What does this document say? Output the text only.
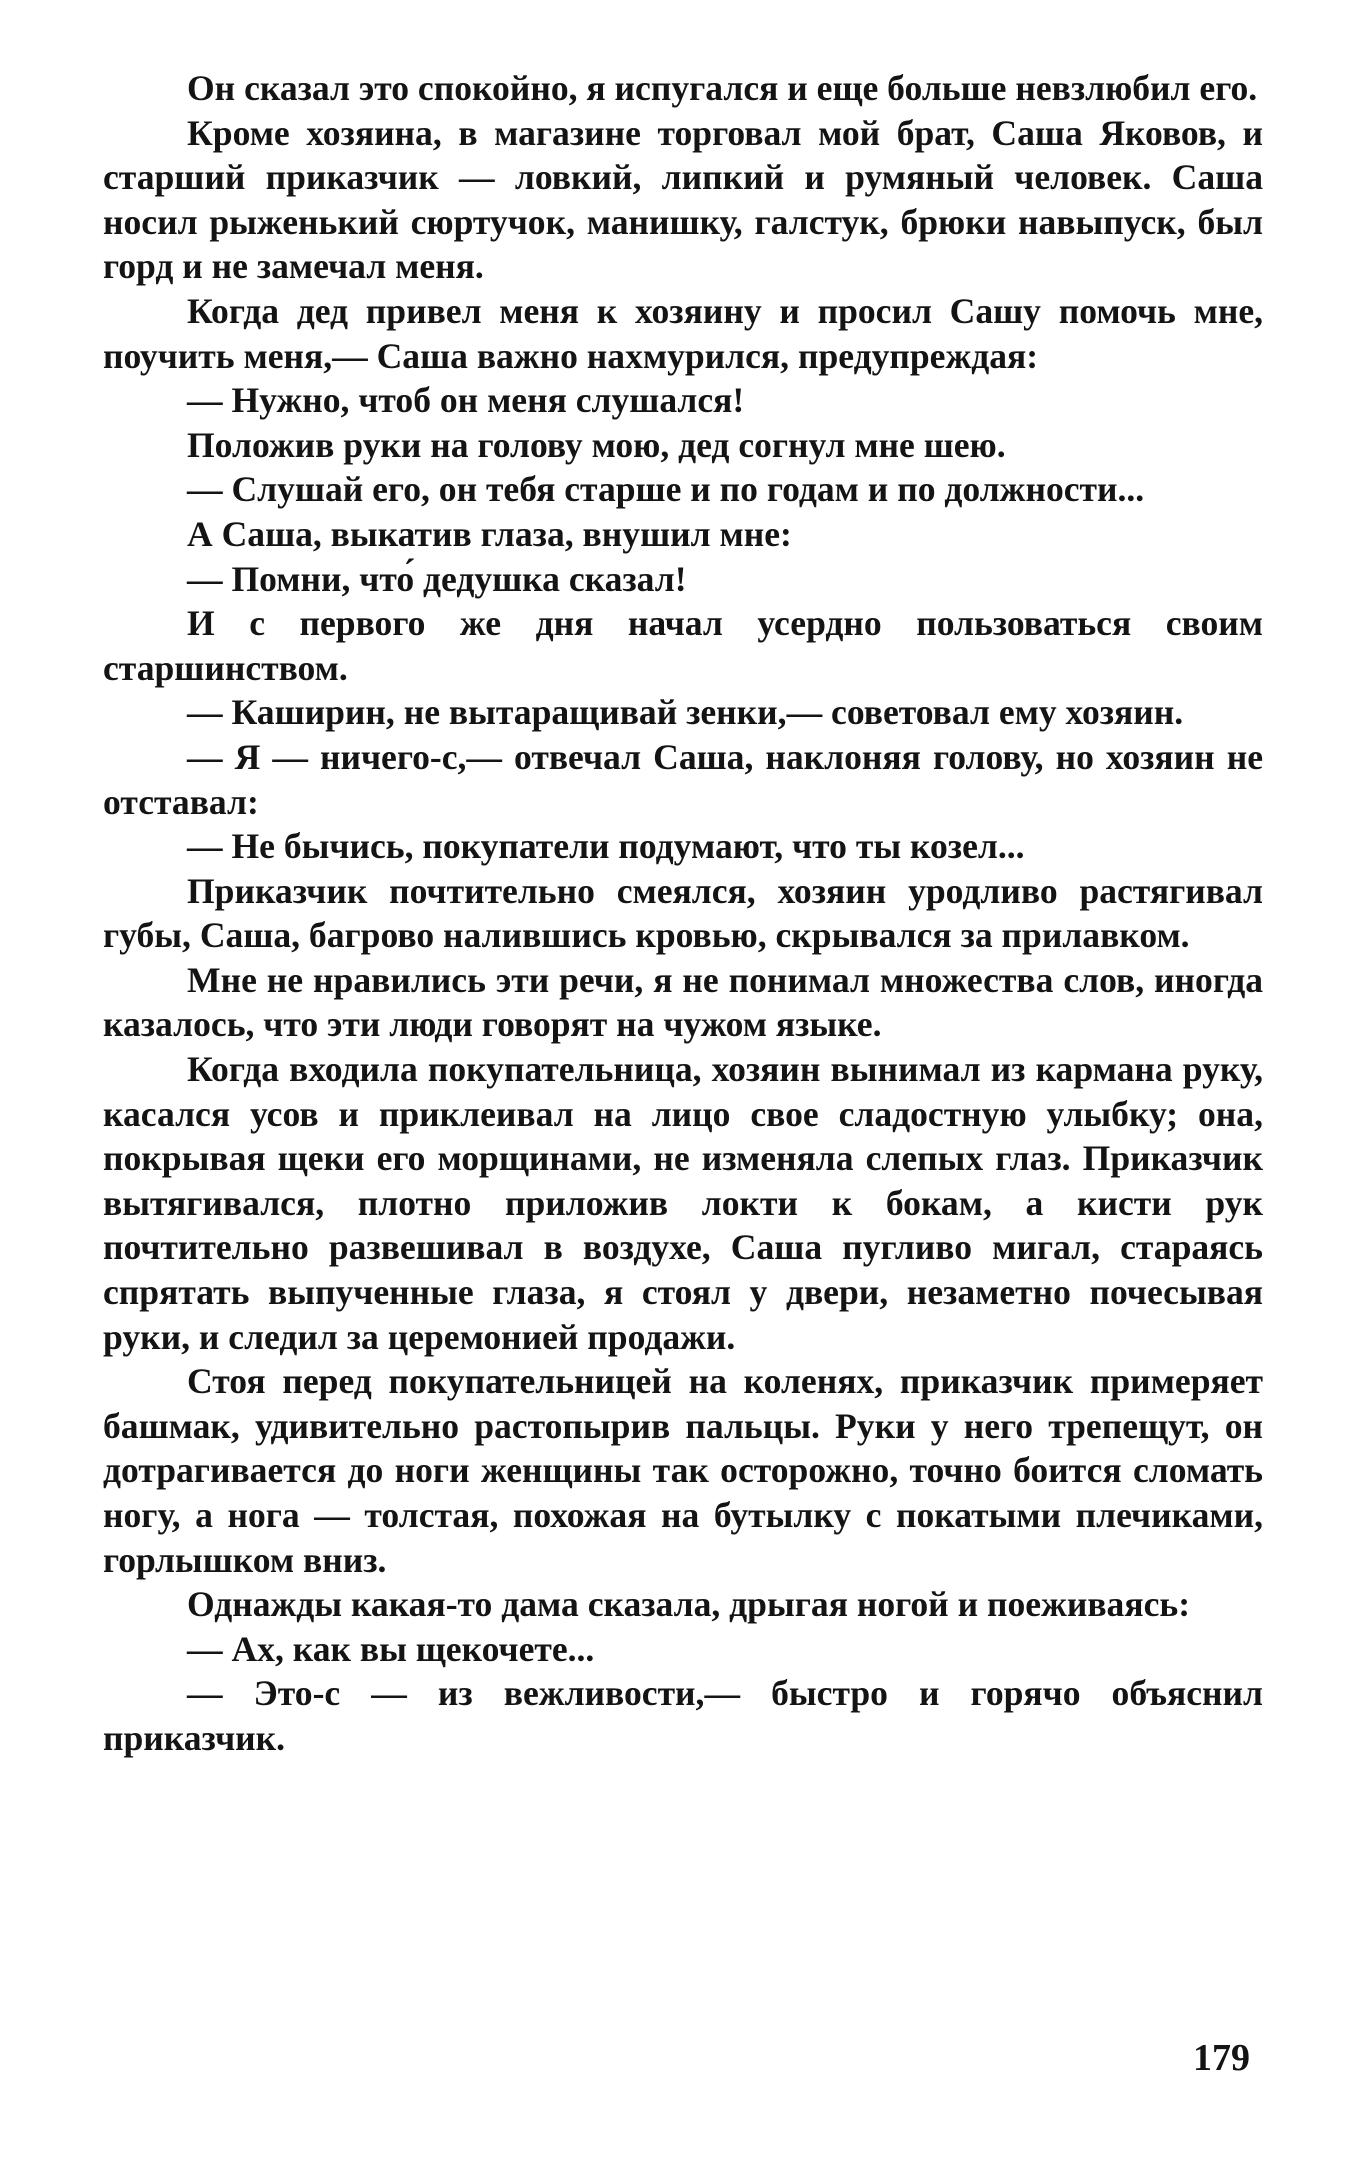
Он сказал это спокойно, я испугался и еще больше невзлюбил его.

Кроме хозяина, в магазине торговал мой брат, Саша Яковов, и старший приказчик — ловкий, липкий и румяный человек. Саша носил рыженький сюртучок, манишку, галстук, брюки навыпуск, был горд и не замечал меня.

Когда дед привел меня к хозяину и просил Сашу помочь мне, поучить меня,— Саша важно нахмурился, предупреждая:

— Нужно, чтоб он меня слушался!

Положив руки на голову мою, дед согнул мне шею.

— Слушай его, он тебя старше и по годам и по должности...

А Саша, выкатив глаза, внушил мне:

— Помни, что́ дедушка сказал!

И с первого же дня начал усердно пользоваться своим старшинством.

— Каширин, не вытаращивай зенки,— советовал ему хозяин.

— Я — ничего-с,— отвечал Саша, наклоняя голову, но хозяин не отставал:

— Не бычись, покупатели подумают, что ты козел...

Приказчик почтительно смеялся, хозяин уродливо растягивал губы, Саша, багрово налившись кровью, скрывался за прилавком.

Мне не нравились эти речи, я не понимал множества слов, иногда казалось, что эти люди говорят на чужом языке.

Когда входила покупательница, хозяин вынимал из кармана руку, касался усов и приклеивал на лицо свое сладостную улыбку; она, покрывая щеки его морщинами, не изменяла слепых глаз. Приказчик вытягивался, плотно приложив локти к бокам, а кисти рук почтительно развешивал в воздухе, Саша пугливо мигал, стараясь спрятать выпученные глаза, я стоял у двери, незаметно почесывая руки, и следил за церемонией продажи.

Стоя перед покупательницей на коленях, приказчик примеряет башмак, удивительно растопырив пальцы. Руки у него трепещут, он дотрагивается до ноги женщины так осторожно, точно боится сломать ногу, а нога — толстая, похожая на бутылку с покатыми плечиками, горлышком вниз.

Однажды какая-то дама сказала, дрыгая ногой и поеживаясь:

— Ах, как вы щекочете...

— Это-с — из вежливости,— быстро и горячо объяснил приказчик.

179
